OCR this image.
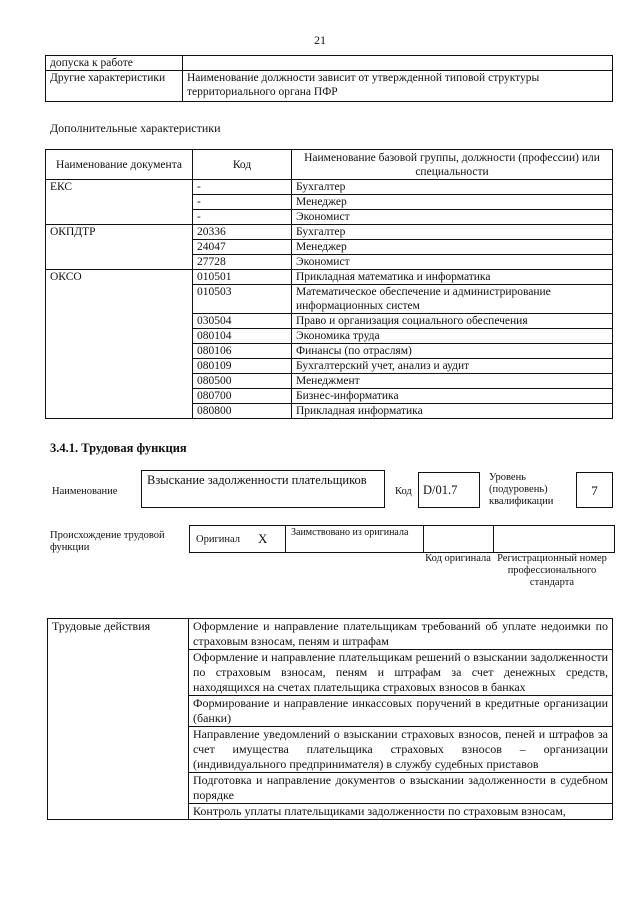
21
допуска к работе	
Другие характеристики	Наименование должности зависит от утвержденной типовой структуры территориального органа ПФР
Дополнительные характеристики
Наименование документа	Код	Наименование базовой группы, должности (профессии) или специальности
ЕКС	-	Бухгалтер
	-	Менеджер
	-	Экономист
ОКПДТР	20336	Бухгалтер
	24047	Менеджер
	27728	Экономист
ОКСО	010501	Прикладная математика и информатика
	010503	Математическое обеспечение и администрирование информационных систем
	030504	Право и организация социального обеспечения
	080104	Экономика труда
	080106	Финансы (по отраслям)
	080109	Бухгалтерский учет, анализ и аудит
	080500	Менеджмент
	080700	Бизнес-информатика
	080800	Прикладная информатика
3.4.1. Трудовая функция
Наименование
Взыскание задолженности плательщиков
Код D/01.7
Уровень (подуровень) квалификации
7
Происхождение трудовой функции
Оригинал X Заимствовано из оригинала
Код оригинала Регистрационный номер профессионального стандарта
Трудовые действия	Оформление и направление плательщикам требований об уплате недоимки по страховым взносам, пеням и штрафам
Оформление и направление плательщикам решений о взыскании задолженности по страховым взносам, пеням и штрафам за счет денежных средств, находящихся на счетах плательщика страховых взносов в банках
Формирование и направление инкассовых поручений в кредитные организации (банки)
Направление уведомлений о взыскании страховых взносов, пеней и штрафов за счет имущества плательщика страховых взносов – организации (индивидуального предпринимателя) в службу судебных приставов
Подготовка и направление документов о взыскании задолженности в судебном порядке
Контроль уплаты плательщиками задолженности по страховым взносам,
